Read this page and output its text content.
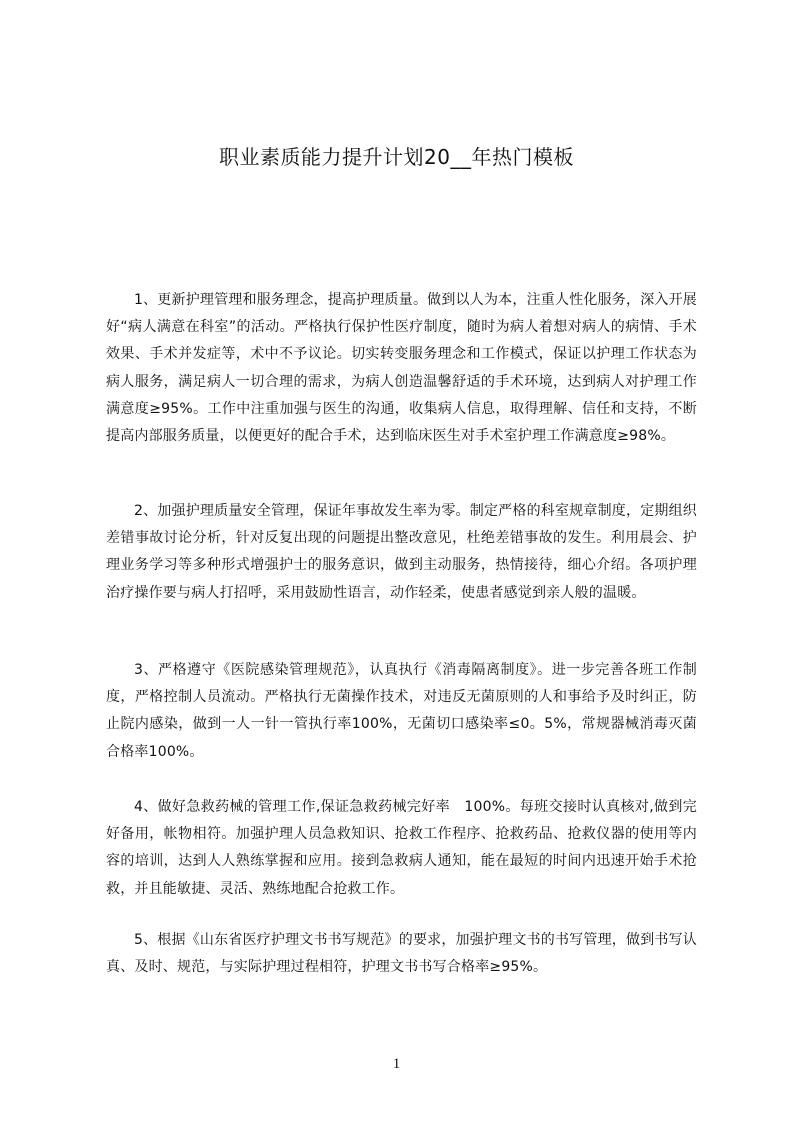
职业素质能力提升计划20__年热门模板

1、更新护理管理和服务理念，提高护理质量。做到以人为本，注重人性化服务，深入开展好“病人满意在科室”的活动。严格执行保护性医疗制度，随时为病人着想对病人的病情、手术效果、手术并发症等，术中不予议论。切实转变服务理念和工作模式，保证以护理工作状态为病人服务，满足病人一切合理的需求，为病人创造温馨舒适的手术环境，达到病人对护理工作满意度≥95%。工作中注重加强与医生的沟通，收集病人信息，取得理解、信任和支持，不断提高内部服务质量，以便更好的配合手术，达到临床医生对手术室护理工作满意度≥98%。

2、加强护理质量安全管理，保证年事故发生率为零。制定严格的科室规章制度，定期组织差错事故讨论分析，针对反复出现的问题提出整改意见，杜绝差错事故的发生。利用晨会、护理业务学习等多种形式增强护士的服务意识，做到主动服务，热情接待，细心介绍。各项护理治疗操作要与病人打招呼，采用鼓励性语言，动作轻柔，使患者感觉到亲人般的温暖。

3、严格遵守《医院感染管理规范》，认真执行《消毒隔离制度》。进一步完善各班工作制度，严格控制人员流动。严格执行无菌操作技术，对违反无菌原则的人和事给予及时纠正，防止院内感染，做到一人一针一管执行率100%，无菌切口感染率≤0。5%，常规器械消毒灭菌合格率100%。

4、做好急救药械的管理工作,保证急救药械完好率　100%。每班交接时认真核对,做到完好备用，帐物相符。加强护理人员急救知识、抢救工作程序、抢救药品、抢救仪器的使用等内容的培训，达到人人熟练掌握和应用。接到急救病人通知，能在最短的时间内迅速开始手术抢救，并且能敏捷、灵活、熟练地配合抢救工作。

5、根据《山东省医疗护理文书书写规范》的要求，加强护理文书的书写管理，做到书写认真、及时、规范，与实际护理过程相符，护理文书书写合格率≥95%。

1
